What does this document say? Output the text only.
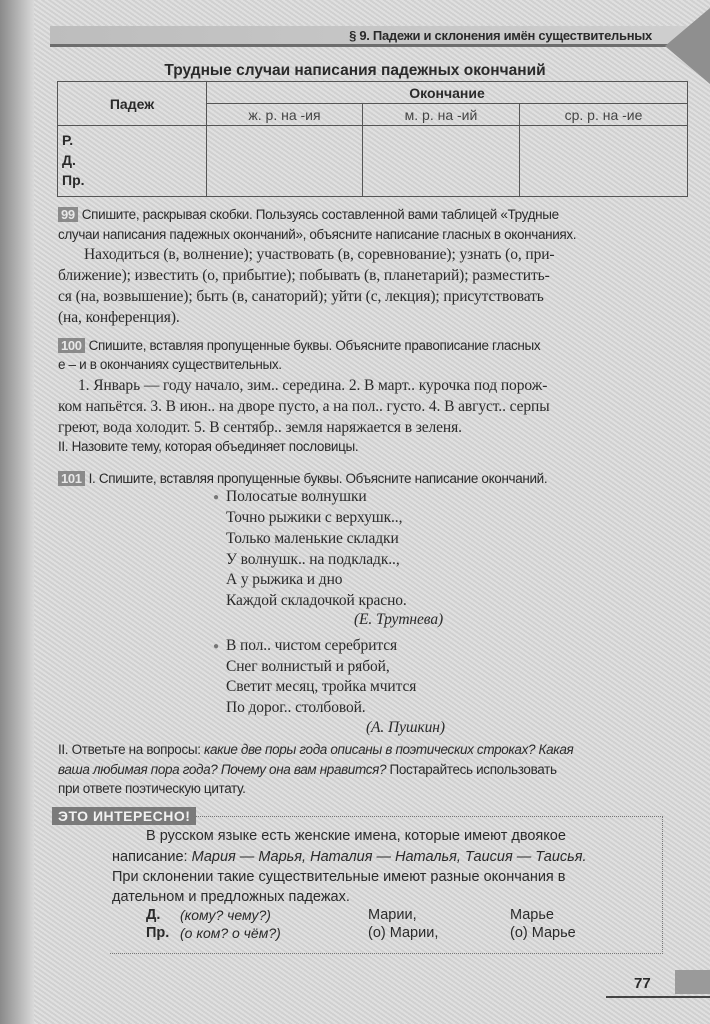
§ 9. Падежи и склонения имён существительных
Трудные случаи написания падежных окончаний
Падеж	Окончание		
	ж. р. на -ия	м. р. на -ий	ср. р. на -ие

Р.
Д.
Пр.			

99 Спишите, раскрывая скобки. Пользуясь составленной вами таблицей «Трудные
случаи написания падежных окончаний», объясните написание гласных в окончаниях.
Находиться (в, волнение); участвовать (в, соревнование); узнать (о, при-
ближение); известить (о, прибытие); побывать (в, планетарий); разместить-
ся (на, возвышение); быть (в, санаторий); уйти (с, лекция); присутствовать
(на, конференция).
100 Спишите, вставляя пропущенные буквы. Объясните правописание гласных
е – и в окончаниях существительных.
1. Январь — году начало, зим.. середина. 2. В март.. курочка под порож-
ком напьётся. 3. В июн.. на дворе пусто, а на пол.. густо. 4. В август.. серпы
греют, вода холодит. 5. В сентябр.. земля наряжается в зеленя.
II. Назовите тему, которая объединяет пословицы.
101 I. Спишите, вставляя пропущенные буквы. Объясните написание окончаний.
● Полосатые волнушки
Точно рыжики с верхушк..,
Только маленькие складки
У волнушк.. на подкладк..,
А у рыжика и дно
Каждой складочкой красно.
(Е. Трутнева)
● В пол.. чистом серебрится
Снег волнистый и рябой,
Светит месяц, тройка мчится
По дорог.. столбовой.
(А. Пушкин)
II. Ответьте на вопросы: какие две поры года описаны в поэтических строках? Какая
ваша любимая пора года? Почему она вам нравится? Постарайтесь использовать
при ответе поэтическую цитату.
ЭТО ИНТЕРЕСНО!
В русском языке есть женские имена, которые имеют двоякое
написание: Мария — Марья, Наталия — Наталья, Таисия — Таисья.
При склонении такие существительные имеют разные окончания в
дательном и предложных падежах.
Д. (кому? чему?)	Марии,	Марье
Пр. (о ком? о чём?)	(о) Марии,	(о) Марье
77
